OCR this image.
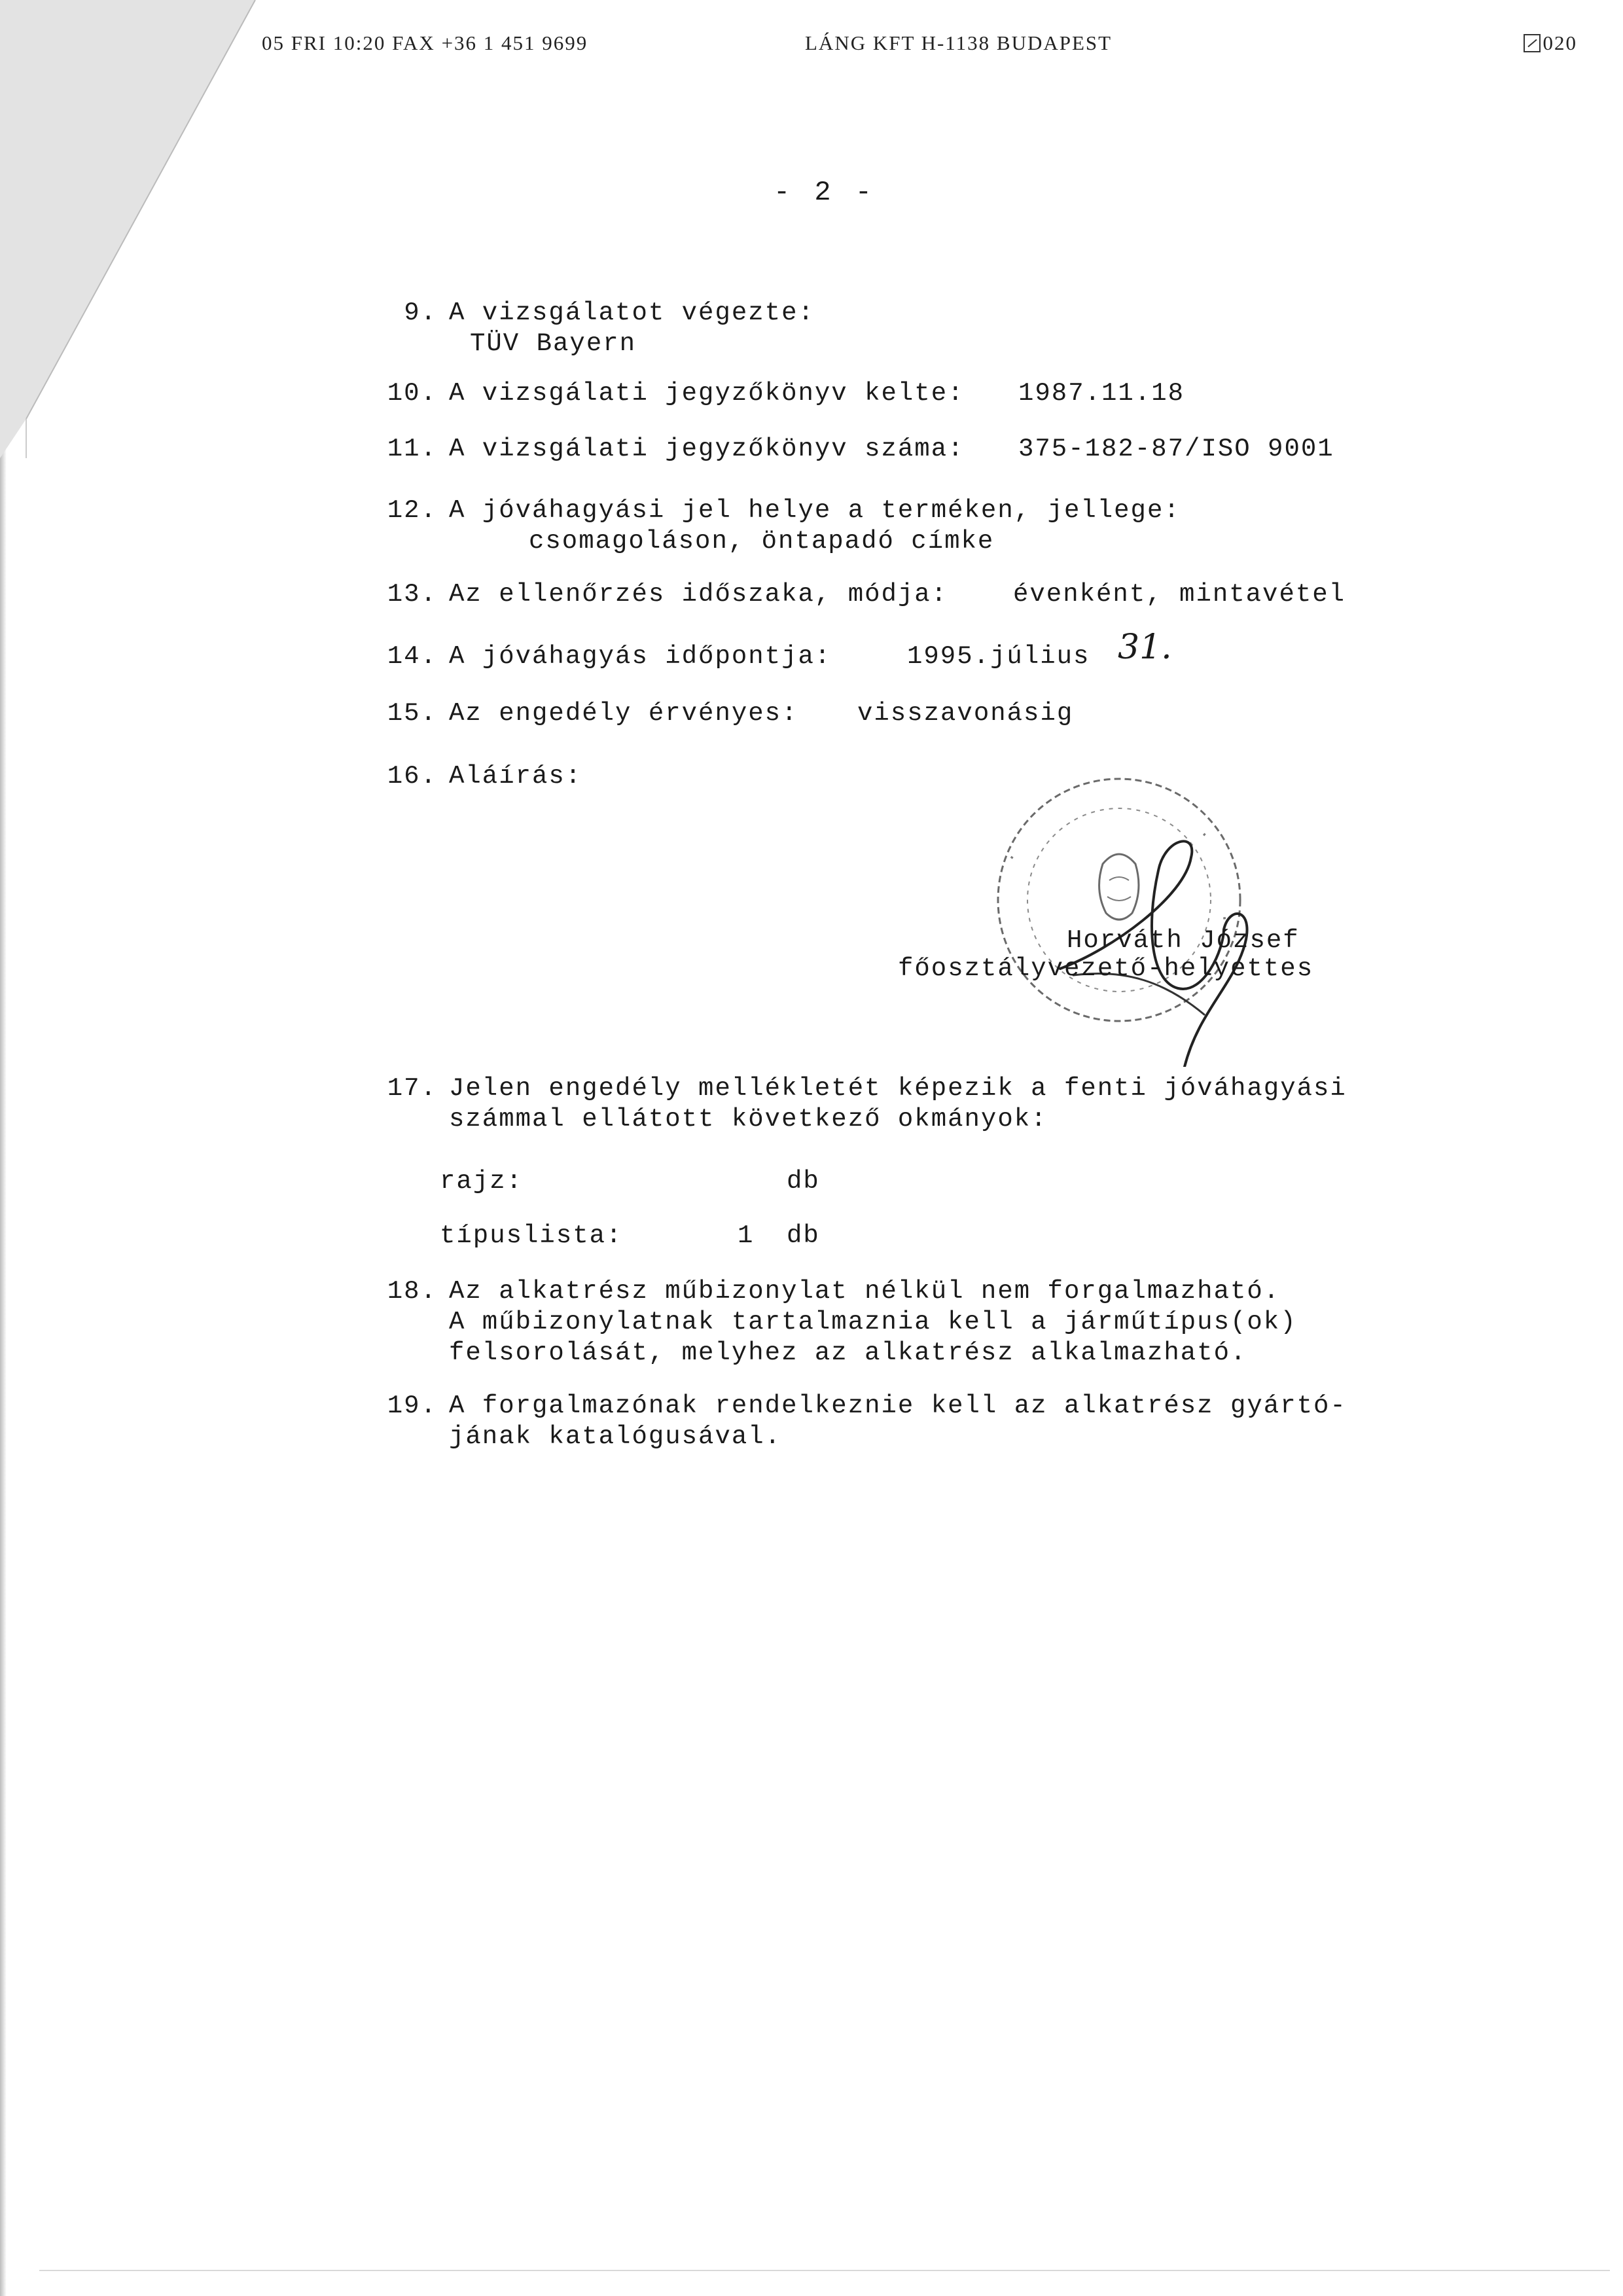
05 FRI 10:20 FAX +36 1 451 9699	LÁNG KFT H-1138 BUDAPEST	020
- 2 -
9. A vizsgálatot végezte:
TÜV Bayern
10. A vizsgálati jegyzőkönyv kelte: 1987.11.18
11. A vizsgálati jegyzőkönyv száma: 375-182-87/ISO 9001
12. A jóváhagyási jel helye a terméken, jellege:
csomagoláson, öntapadó címke
13. Az ellenőrzés időszaka, módja:	évenként, mintavétel
14. A jóváhagyás időpontja:	1995.július 31.
15. Az engedély érvényes: visszavonásig
16. Aláírás:
·
·
·
Horváth József
főosztályvezető-helyettes
17. Jelen engedély mellékletét képezik a fenti jóváhagyási
számmal ellátott következő okmányok:
rajz:	db
típuslista:	1 db
18. Az alkatrész műbizonylat nélkül nem forgalmazható.
A műbizonylatnak tartalmaznia kell a járműtípus(ok)
felsorolását, melyhez az alkatrész alkalmazható.
19. A forgalmazónak rendelkeznie kell az alkatrész gyártó-
jának katalógusával.
